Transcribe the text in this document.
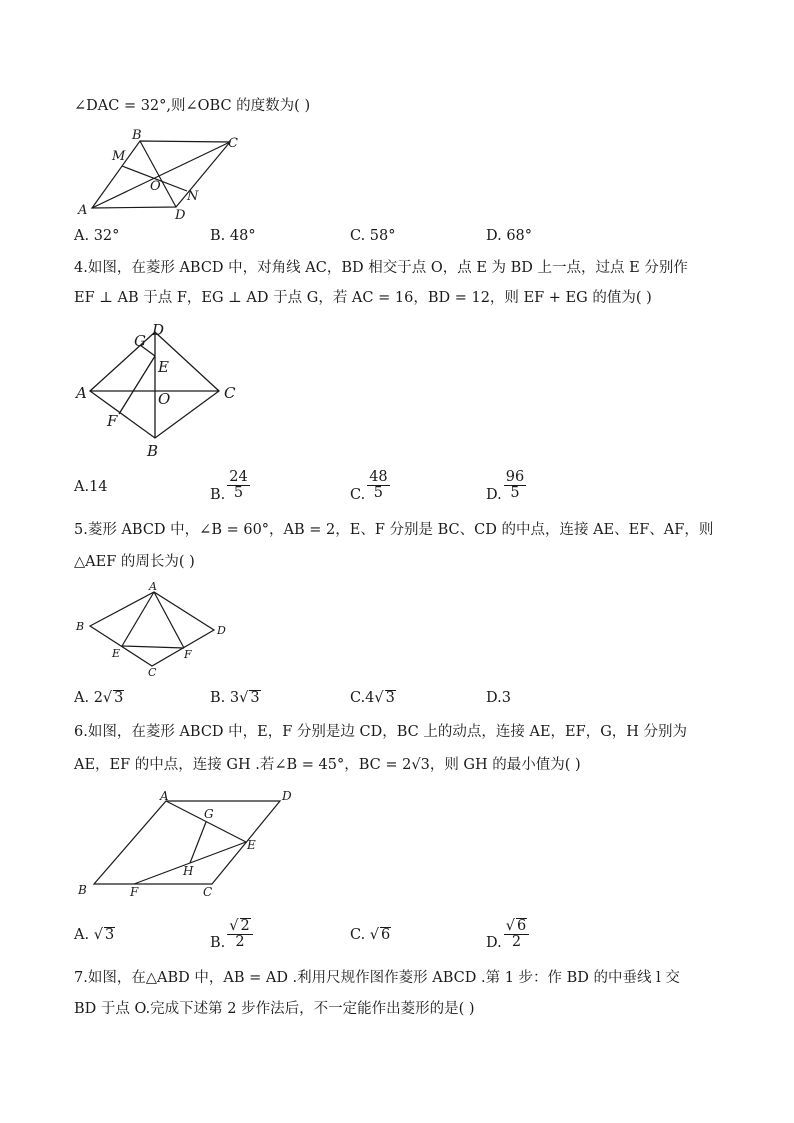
∠DAC = 32°,则∠OBC 的度数为( )
A
B
C
D
M
O
N
A. 32°	B. 48°	C. 58°	D. 68°
4.如图，在菱形 ABCD 中，对角线 AC，BD 相交于点 O，点 E 为 BD 上一点，过点 E 分别作
EF ⊥ AB 于点 F，EG ⊥ AD 于点 G，若 AC = 16，BD = 12，则 EF + EG 的值为( )
A
B
C
D
G
E
O
F
A.14	B. $\frac{24}{5}$	C. $\frac{48}{5}$	D. $\frac{96}{5}$
5.菱形 ABCD 中，∠B = 60°，AB = 2，E、F 分别是 BC、CD 的中点，连接 AE、EF、AF，则
△AEF 的周长为( )
A
B
C
D
E	F
A. 2√ 3	B. 3√ 3	C.4√ 3	D.3
6.如图，在菱形 ABCD 中，E，F 分别是边 CD，BC 上的动点，连接 AE，EF，G，H 分别为
AE，EF 的中点，连接 GH .若∠B = 45°，BC = 2√3，则 GH 的最小值为( )
A
B	C
D
E
F
G
H
A. √ 3	B. $\frac{√ 2}{2}$	C. √ 6	D. $\frac{√ 6}{2}$
7.如图，在△ABD 中，AB = AD .利用尺规作图作菱形 ABCD .第 1 步：作 BD 的中垂线 l 交
BD 于点 O.完成下述第 2 步作法后，不一定能作出菱形的是( )
